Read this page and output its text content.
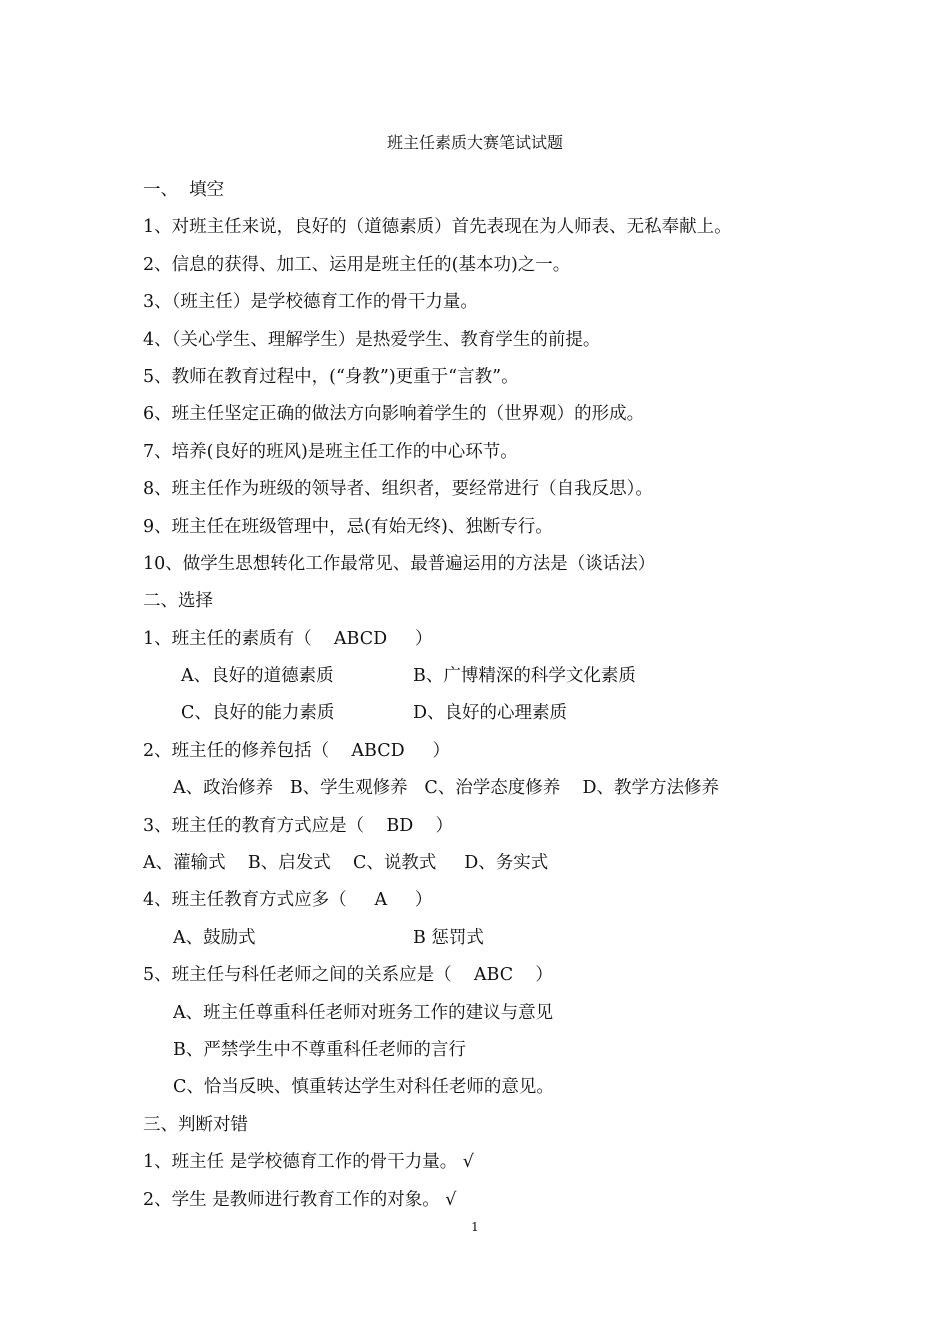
班主任素质大赛笔试试题
一、  填空
1、对班主任来说，良好的（道德素质）首先表现在为人师表、无私奉献上。
2、信息的获得、加工、运用是班主任的(基本功)之一。
3、（班主任）是学校德育工作的骨干力量。
4、（关心学生、理解学生）是热爱学生、教育学生的前提。
5、教师在教育过程中，(“身教”)更重于“言教”。
6、班主任坚定正确的做法方向影响着学生的（世界观）的形成。
7、培养(良好的班风)是班主任工作的中心环节。
8、班主任作为班级的领导者、组织者，要经常进行（自我反思）。
9、班主任在班级管理中，忌(有始无终)、独断专行。
10、做学生思想转化工作最常见、最普遍运用的方法是（谈话法）
二、选择
1、班主任的素质有（    ABCD     ）
A、良好的道德素质	B、广博精深的科学文化素质
C、良好的能力素质	D、良好的心理素质
2、班主任的修养包括（    ABCD     ）
A、政治修养   B、学生观修养   C、治学态度修养    D、教学方法修养
3、班主任的教育方式应是（    BD    ）
A、灌输式    B、启发式    C、说教式     D、务实式
4、班主任教育方式应多（     A     ）
A、鼓励式	B 惩罚式
5、班主任与科任老师之间的关系应是（    ABC    ）
A、班主任尊重科任老师对班务工作的建议与意见
B、严禁学生中不尊重科任老师的言行
C、恰当反映、慎重转达学生对科任老师的意见。
三、判断对错
1、班主任 是学校德育工作的骨干力量。 √
2、学生 是教师进行教育工作的对象。 √
1
